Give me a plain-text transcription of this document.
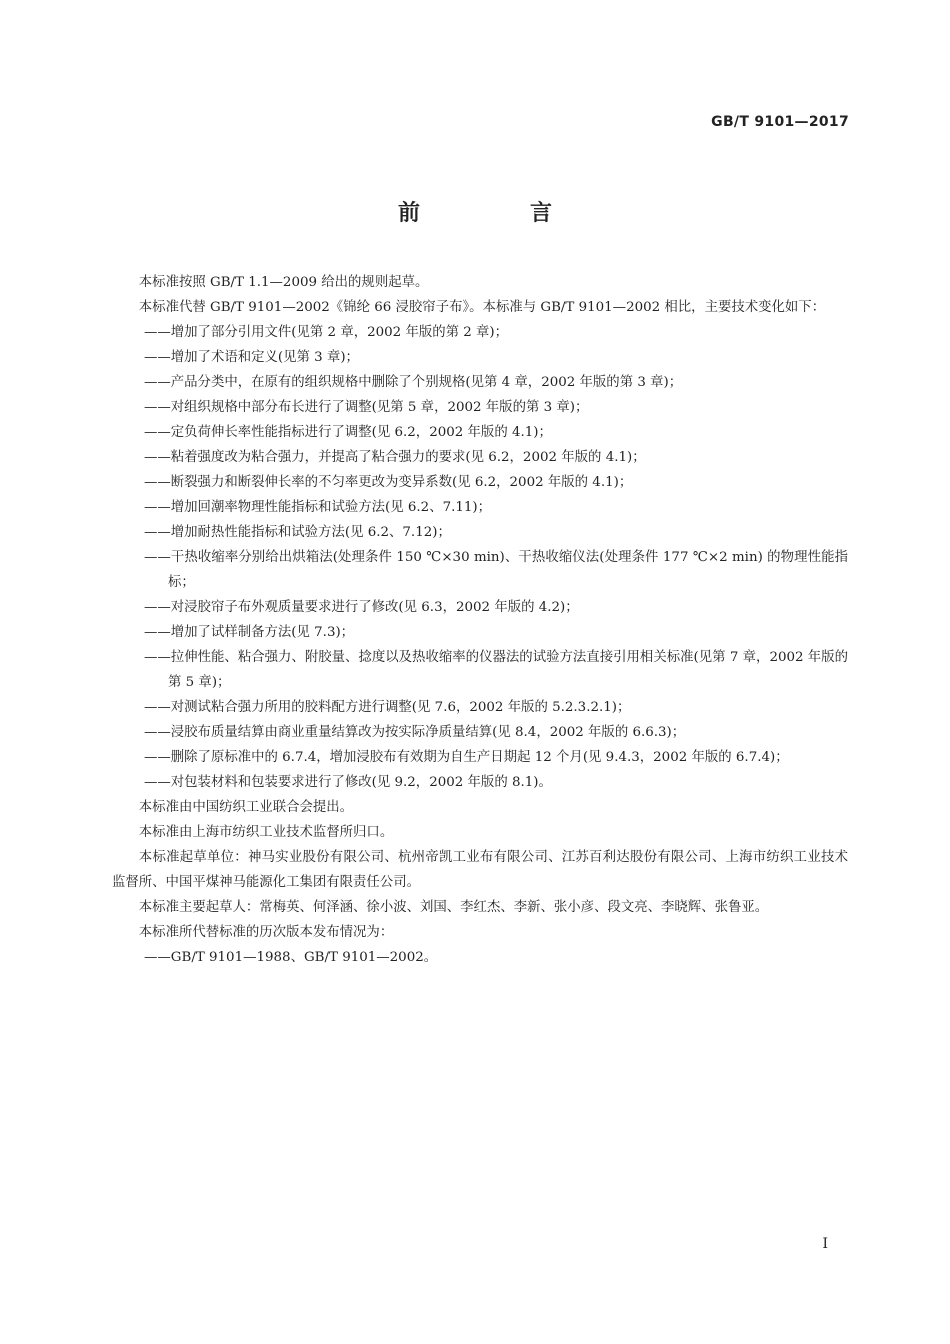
GB/T 9101—2017
前　言

本标准按照 GB/T 1.1—2009 给出的规则起草。

本标准代替 GB/T 9101—2002《锦纶 66 浸胶帘子布》。本标准与 GB/T 9101—2002 相比，主要技术变化如下：

——增加了部分引用文件(见第 2 章，2002 年版的第 2 章)；

——增加了术语和定义(见第 3 章)；

——产品分类中，在原有的组织规格中删除了个别规格(见第 4 章，2002 年版的第 3 章)；

——对组织规格中部分布长进行了调整(见第 5 章，2002 年版的第 3 章)；

——定负荷伸长率性能指标进行了调整(见 6.2，2002 年版的 4.1)；

——粘着强度改为粘合强力，并提高了粘合强力的要求(见 6.2，2002 年版的 4.1)；

——断裂强力和断裂伸长率的不匀率更改为变异系数(见 6.2，2002 年版的 4.1)；

——增加回潮率物理性能指标和试验方法(见 6.2、7.11)；

——增加耐热性能指标和试验方法(见 6.2、7.12)；

——干热收缩率分别给出烘箱法(处理条件 150 ℃×30 min)、干热收缩仪法(处理条件 177 ℃×2 min) 的物理性能指标；

——对浸胶帘子布外观质量要求进行了修改(见 6.3，2002 年版的 4.2)；

——增加了试样制备方法(见 7.3)；

——拉伸性能、粘合强力、附胶量、捻度以及热收缩率的仪器法的试验方法直接引用相关标准(见第 7 章，2002 年版的第 5 章)；

——对测试粘合强力所用的胶料配方进行调整(见 7.6，2002 年版的 5.2.3.2.1)；

——浸胶布质量结算由商业重量结算改为按实际净质量结算(见 8.4，2002 年版的 6.6.3)；

——删除了原标准中的 6.7.4，增加浸胶布有效期为自生产日期起 12 个月(见 9.4.3，2002 年版的 6.7.4)；

——对包装材料和包装要求进行了修改(见 9.2，2002 年版的 8.1)。

本标准由中国纺织工业联合会提出。

本标准由上海市纺织工业技术监督所归口。

本标准起草单位：神马实业股份有限公司、杭州帝凯工业布有限公司、江苏百利达股份有限公司、上海市纺织工业技术监督所、中国平煤神马能源化工集团有限责任公司。

本标准主要起草人：常梅英、何泽涵、徐小波、刘国、李红杰、李新、张小彦、段文亮、李晓辉、张鲁亚。

本标准所代替标准的历次版本发布情况为：

——GB/T 9101—1988、GB/T 9101—2002。

I
